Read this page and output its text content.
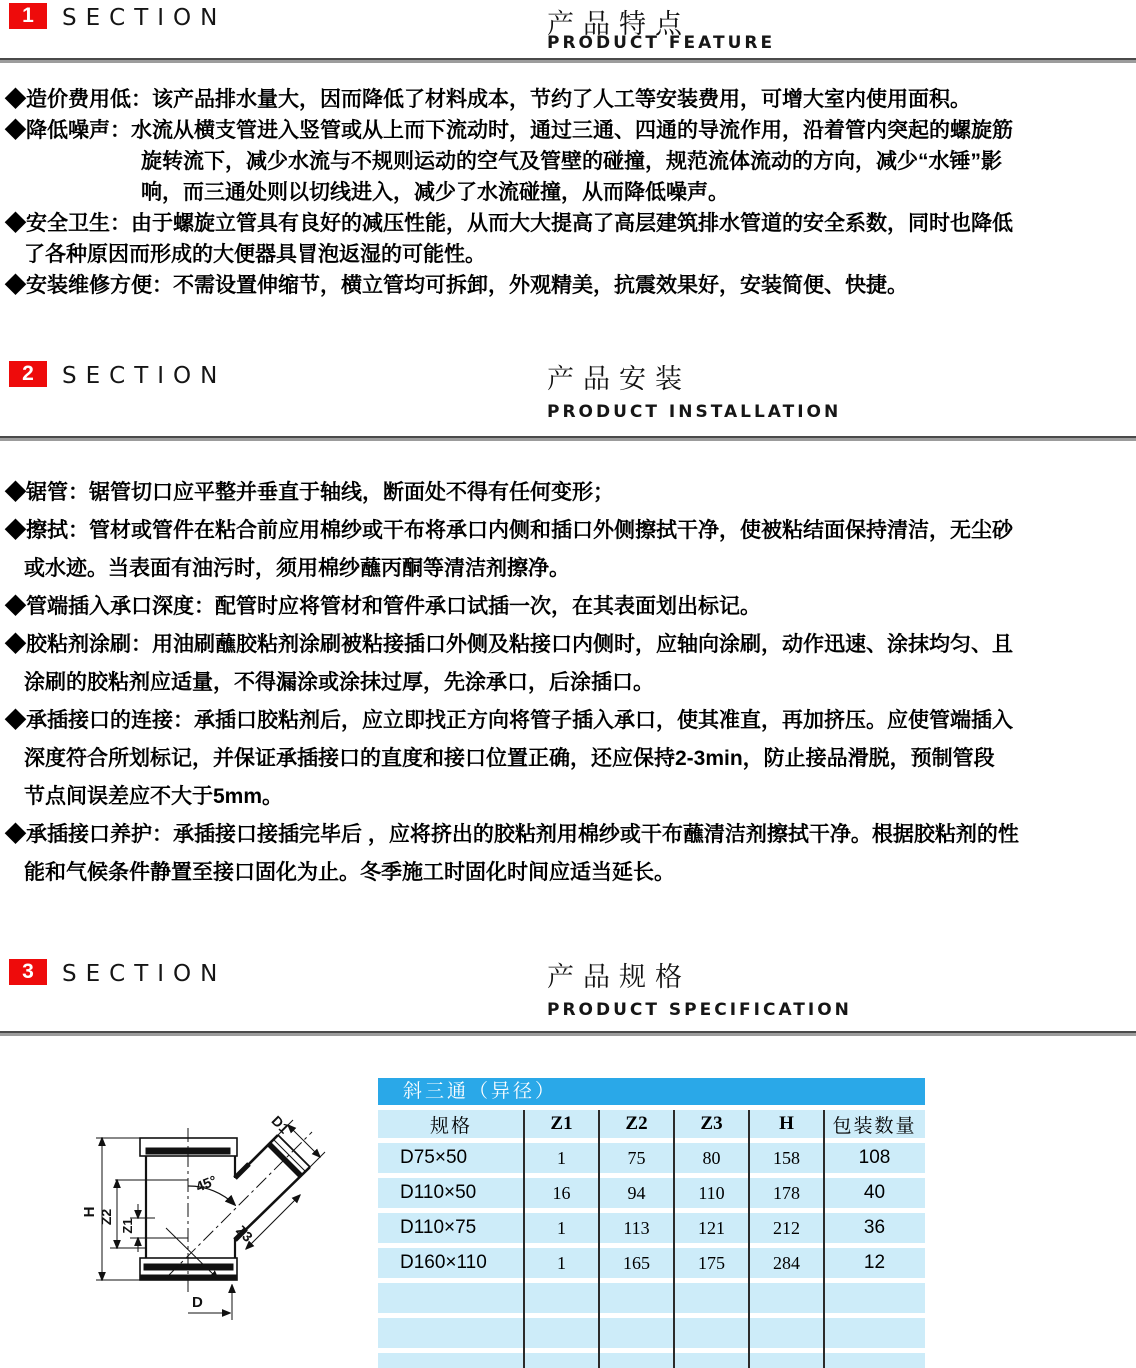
1	SECTION	产品特点
PRODUCT FEATURE
◆造价费用低：该产品排水量大，因而降低了材料成本，节约了人工等安装费用，可增大室内使用面积。
◆降低噪声：水流从横支管进入竖管或从上而下流动时，通过三通、四通的导流作用，沿着管内突起的螺旋筋
旋转流下，减少水流与不规则运动的空气及管壁的碰撞，规范流体流动的方向，减少“水锤”影
响，而三通处则以切线进入，减少了水流碰撞，从而降低噪声。
◆安全卫生：由于螺旋立管具有良好的减压性能，从而大大提高了高层建筑排水管道的安全系数，同时也降低
了各种原因而形成的大便器具冒泡返湿的可能性。
◆安装维修方便：不需设置伸缩节，横立管均可拆卸，外观精美，抗震效果好，安装简便、快捷。
2	SECTION	产品安装
PRODUCT INSTALLATION
◆锯管：锯管切口应平整并垂直于轴线，断面处不得有任何变形；
◆擦拭：管材或管件在粘合前应用棉纱或干布将承口内侧和插口外侧擦拭干净，使被粘结面保持清洁，无尘砂
或水迹。当表面有油污时，须用棉纱蘸丙酮等清洁剂擦净。
◆管端插入承口深度：配管时应将管材和管件承口试插一次，在其表面划出标记。
◆胶粘剂涂刷：用油刷蘸胶粘剂涂刷被粘接插口外侧及粘接口内侧时，应轴向涂刷，动作迅速、涂抹均匀、且
涂刷的胶粘剂应适量，不得漏涂或涂抹过厚，先涂承口，后涂插口。
◆承插接口的连接：承插口胶粘剂后，应立即找正方向将管子插入承口，使其准直，再加挤压。应使管端插入
深度符合所划标记，并保证承插接口的直度和接口位置正确，还应保持2-3min，防止接品滑脱，预制管段
节点间误差应不大于5mm。
◆承插接口养护：承插接口接插完毕后 ，应将挤出的胶粘剂用棉纱或干布蘸清洁剂擦拭干净。根据胶粘剂的性
能和气候条件静置至接口固化为止。冬季施工时固化时间应适当延长。
3	SECTION	产品规格
PRODUCT SPECIFICATION
45°
H Z2
Z1
D
D1
Z3
斜三通（异径）
规格	Z1	Z2	Z3	H	包装数量
D75×50	1	75	80	158	108
D110×50	16	94	110	178	40
D110×75	1	113	121	212	36
D160×110	1	165	175	284	12
